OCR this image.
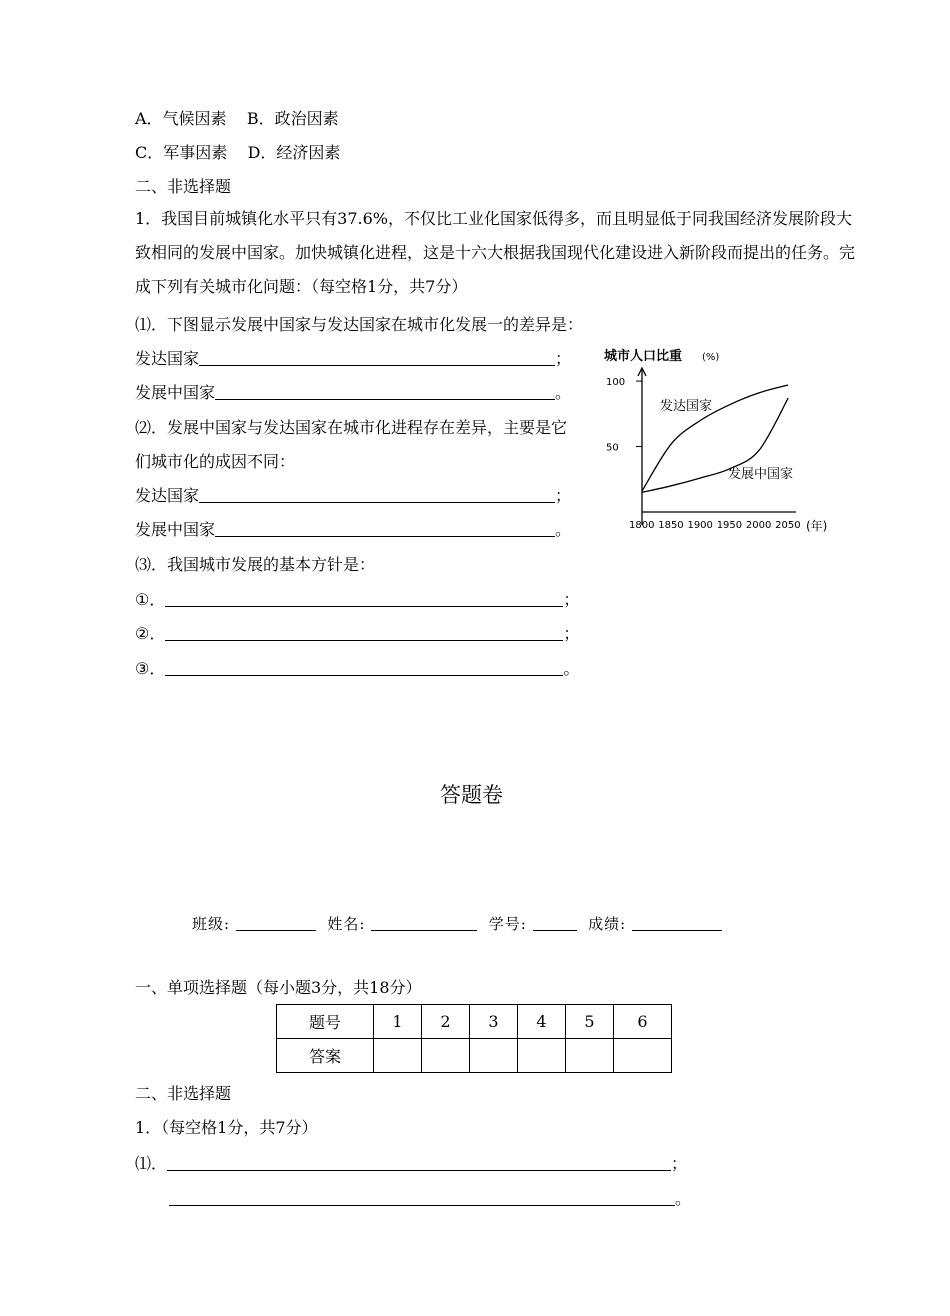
A．气候因素 B．政治因素
C．军事因素 D．经济因素
二、非选择题
1．我国目前城镇化水平只有37.6%，不仅比工业化国家低得多，而且明显低于同我国经济发展阶段大致相同的发展中国家。加快城镇化进程，这是十六大根据我国现代化建设进入新阶段而提出的任务。完成下列有关城市化问题：（每空格1分，共7分）
⑴．下图显示发展中国家与发达国家在城市化发展一的差异是：
发达国家	；
发展中国家	。
⑵．发展中国家与发达国家在城市化进程存在差异，主要是它们城市化的成因不同：
发达国家	；
发展中国家	。
⑶．我国城市发展的基本方针是：
①．	；
②．	；
③．	。
城市人口比重 (%)
(年)
100
50
1800 1850 1900 1950 2000 2050
发达国家
发展中国家
答题卷
班级:	姓名:	学号:	成绩:
一、单项选择题（每小题3分，共18分）
题号	1	2	3	4	5	6
答案						
二、非选择题
1．（每空格1分，共7分）
⑴．	；
。
